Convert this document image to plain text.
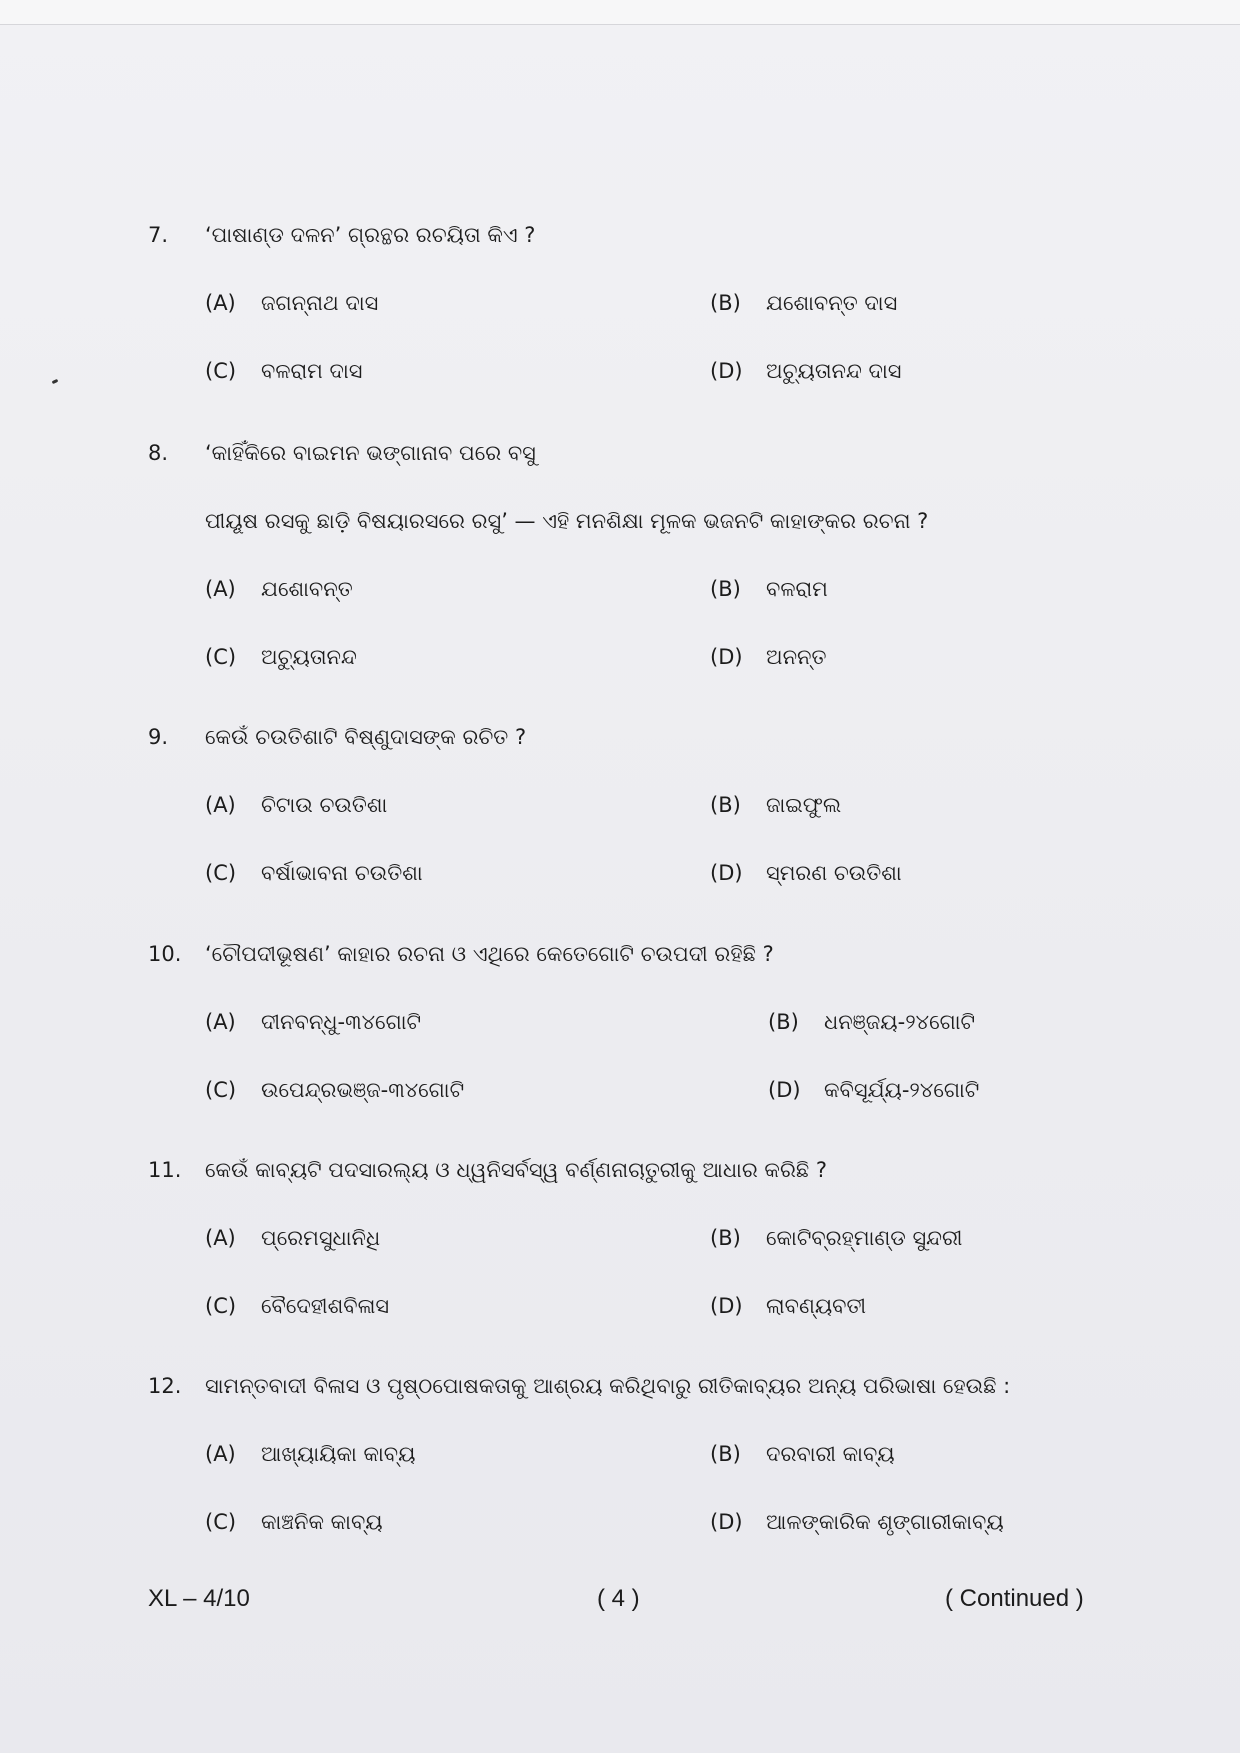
7. ‘ପାଷାଣ୍ଡ ଦଳନ’ ଗ୍ରନ୍ଥର ରଚୟିତା କିଏ ?
(A) ଜଗନ୍ନାଥ ଦାସ	(B) ଯଶୋବନ୍ତ ଦାସ
(C) ବଳରାମ ଦାସ	(D) ଅଚ୍ୟୁତାନନ୍ଦ ଦାସ
8. ‘କାହିଁକିରେ ବାଇମନ ଭଙ୍ଗାନାବ ପରେ ବସୁ
ପୀୟୂଷ ରସକୁ ଛାଡ଼ି ବିଷୟାରସରେ ରସୁ’ — ଏହି ମନଶିକ୍ଷା ମୂଳକ ଭଜନଟି କାହାଙ୍କର ରଚନା ?
(A) ଯଶୋବନ୍ତ	(B) ବଳରାମ
(C) ଅଚ୍ୟୁତାନନ୍ଦ	(D) ଅନନ୍ତ
9. କେଉଁ ଚଉତିଶାଟି ବିଷ୍ଣୁଦାସଙ୍କ ରଚିତ ?
(A) ଚିଟାଉ ଚଉତିଶା	(B) ଜାଇଫୁଲ
(C) ବର୍ଷାଭାବନା ଚଉତିଶା	(D) ସ୍ମରଣ ଚଉତିଶା
10. ‘ଚୌପଦୀଭୂଷଣ’ କାହାର ରଚନା ଓ ଏଥିରେ କେତେଗୋଟି ଚଉପଦୀ ରହିଛି ?
(A) ଦୀନବନ୍ଧୁ-୩୪ଗୋଟି	(B) ଧନଞ୍ଜୟ-୨୪ଗୋଟି
(C) ଉପେନ୍ଦ୍ରଭଞ୍ଜ-୩୪ଗୋଟି	(D) କବିସୂର୍ଯ୍ୟ-୨୪ଗୋଟି
11. କେଉଁ କାବ୍ୟଟି ପଦସାରଲ୍ୟ ଓ ଧ୍ୱନିସର୍ବସ୍ୱ ବର୍ଣ୍ଣନାଚାତୁରୀକୁ ଆଧାର କରିଛି ?
(A) ପ୍ରେମସୁଧାନିଧି	(B) କୋଟିବ୍ରହ୍ମାଣ୍ଡ ସୁନ୍ଦରୀ
(C) ବୈଦେହୀଶବିଳାସ	(D) ଲାବଣ୍ୟବତୀ
12. ସାମନ୍ତବାଦୀ ବିଳାସ ଓ ପୃଷ୍ଠପୋଷକତାକୁ ଆଶ୍ରୟ କରିଥିବାରୁ ରୀତିକାବ୍ୟର ଅନ୍ୟ ପରିଭାଷା ହେଉଛି :
(A) ଆଖ୍ୟାୟିକା କାବ୍ୟ	(B) ଦରବାରୀ କାବ୍ୟ
(C) କାଞ୍ଚନିକ କାବ୍ୟ	(D) ଆଳଙ୍କାରିକ ଶୃଙ୍ଗାରୀକାବ୍ୟ
XL – 4/10	( 4 )	( Continued )
